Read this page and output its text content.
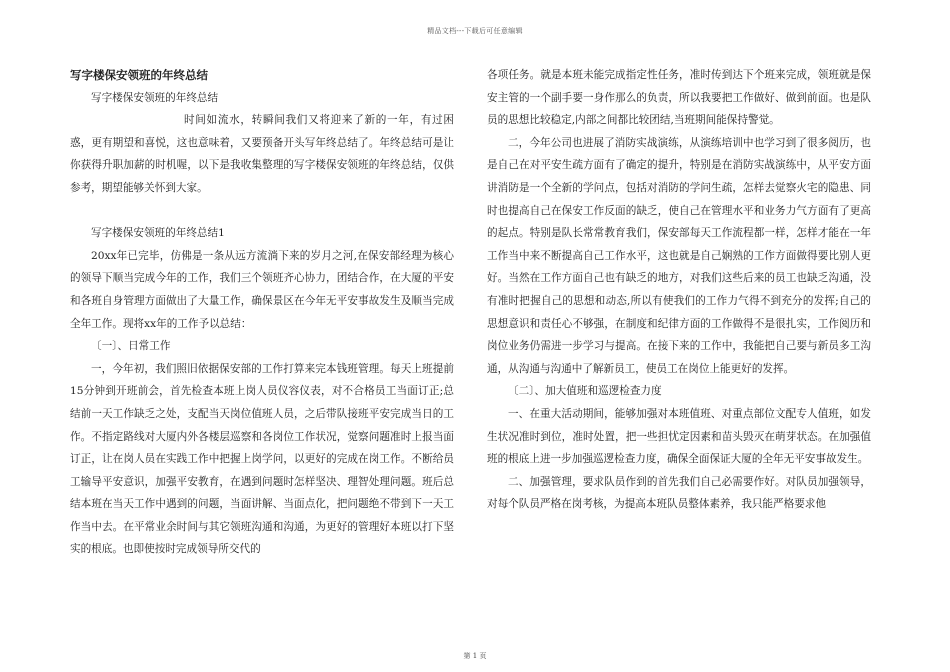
精品文档---下载后可任意编辑

写字楼保安领班的年终总结

写字楼保安领班的年终总结

时间如流水，转瞬间我们又将迎来了新的一年，有过困惑，更有期望和喜悦，这也意味着，又要预备开头写年终总结了。年终总结可是让你获得升职加薪的时机喔，以下是我收集整理的写字楼保安领班的年终总结，仅供参考，期望能够关怀到大家。

写字楼保安领班的年终总结1

20xx年已完毕，仿佛是一条从远方流淌下来的岁月之河,在保安部经理为核心的领导下顺当完成今年的工作，我们三个领班齐心协力，团结合作，在大厦的平安和各班自身管理方面做出了大量工作，确保景区在今年无平安事故发生及顺当完成全年工作。现将xx年的工作予以总结：

〔一〕、日常工作

一，今年初，我们照旧依据保安部的工作打算来完本钱班管理。每天上班提前15分钟到开班前会，首先检查本班上岗人员仪容仪表，对不合格员工当面订正;总结前一天工作缺乏之处，支配当天岗位值班人员，之后带队接班平安完成当日的工作。不指定路线对大厦内外各楼层巡察和各岗位工作状况，觉察问题准时上报当面订正，让在岗人员在实践工作中把握上岗学问，以更好的完成在岗工作。不断给员工输导平安意识，加强平安教育，在遇到问题时怎样坚决、理智处理问题。班后总结本班在当天工作中遇到的问题，当面讲解、当面点化，把问题绝不带到下一天工作当中去。在平常业余时间与其它领班沟通和沟通，为更好的管理好本班以打下坚实的根底。也即使按时完成领导所交代的

各项任务。就是本班未能完成指定性任务，准时传到达下个班来完成，领班就是保安主管的一个副手要一身作那么的负责，所以我要把工作做好、做到前面。也是队员的思想比较稳定,内部之间都比较团结,当班期间能保持警觉。

二，今年公司也进展了消防实战演练，从演练培训中也学习到了很多阅历，也是自己在对平安生疏方面有了确定的提升，特别是在消防实战演练中，从平安方面讲消防是一个全新的学问点，包括对消防的学问生疏，怎样去觉察火宅的隐患、同时也提高自己在保安工作反面的缺乏，使自己在管理水平和业务力气方面有了更高的起点。特别是队长常常教育我们，保安部每天工作流程都一样，怎样才能在一年工作当中来不断提高自己工作水平，这也就是自己娴熟的工作方面做得要比别人更好。当然在工作方面自己也有缺乏的地方，对我们这些后来的员工也缺乏沟通，没有准时把握自己的思想和动态,所以有使我们的工作力气得不到充分的发挥;自己的思想意识和责任心不够强，在制度和纪律方面的工作做得不是很扎实，工作阅历和岗位业务仍需进一步学习与提高。在接下来的工作中，我能把自己要与新员多工沟通，从沟通与沟通中了解新员工，使员工在岗位上能更好的发挥。

〔二〕、加大值班和巡逻检查力度

一、在重大活动期间，能够加强对本班值班、对重点部位文配专人值班，如发生状况准时到位，准时处置，把一些担忧定因素和苗头毁灭在萌芽状态。在加强值班的根底上进一步加强巡逻检查力度，确保全面保证大厦的全年无平安事故发生。

二、加强管理，要求队员作到的首先我们自己必需要作好。对队员加强领导，对每个队员严格在岗考核，为提高本班队员整体素养，我只能严格要求他

第 1 页
